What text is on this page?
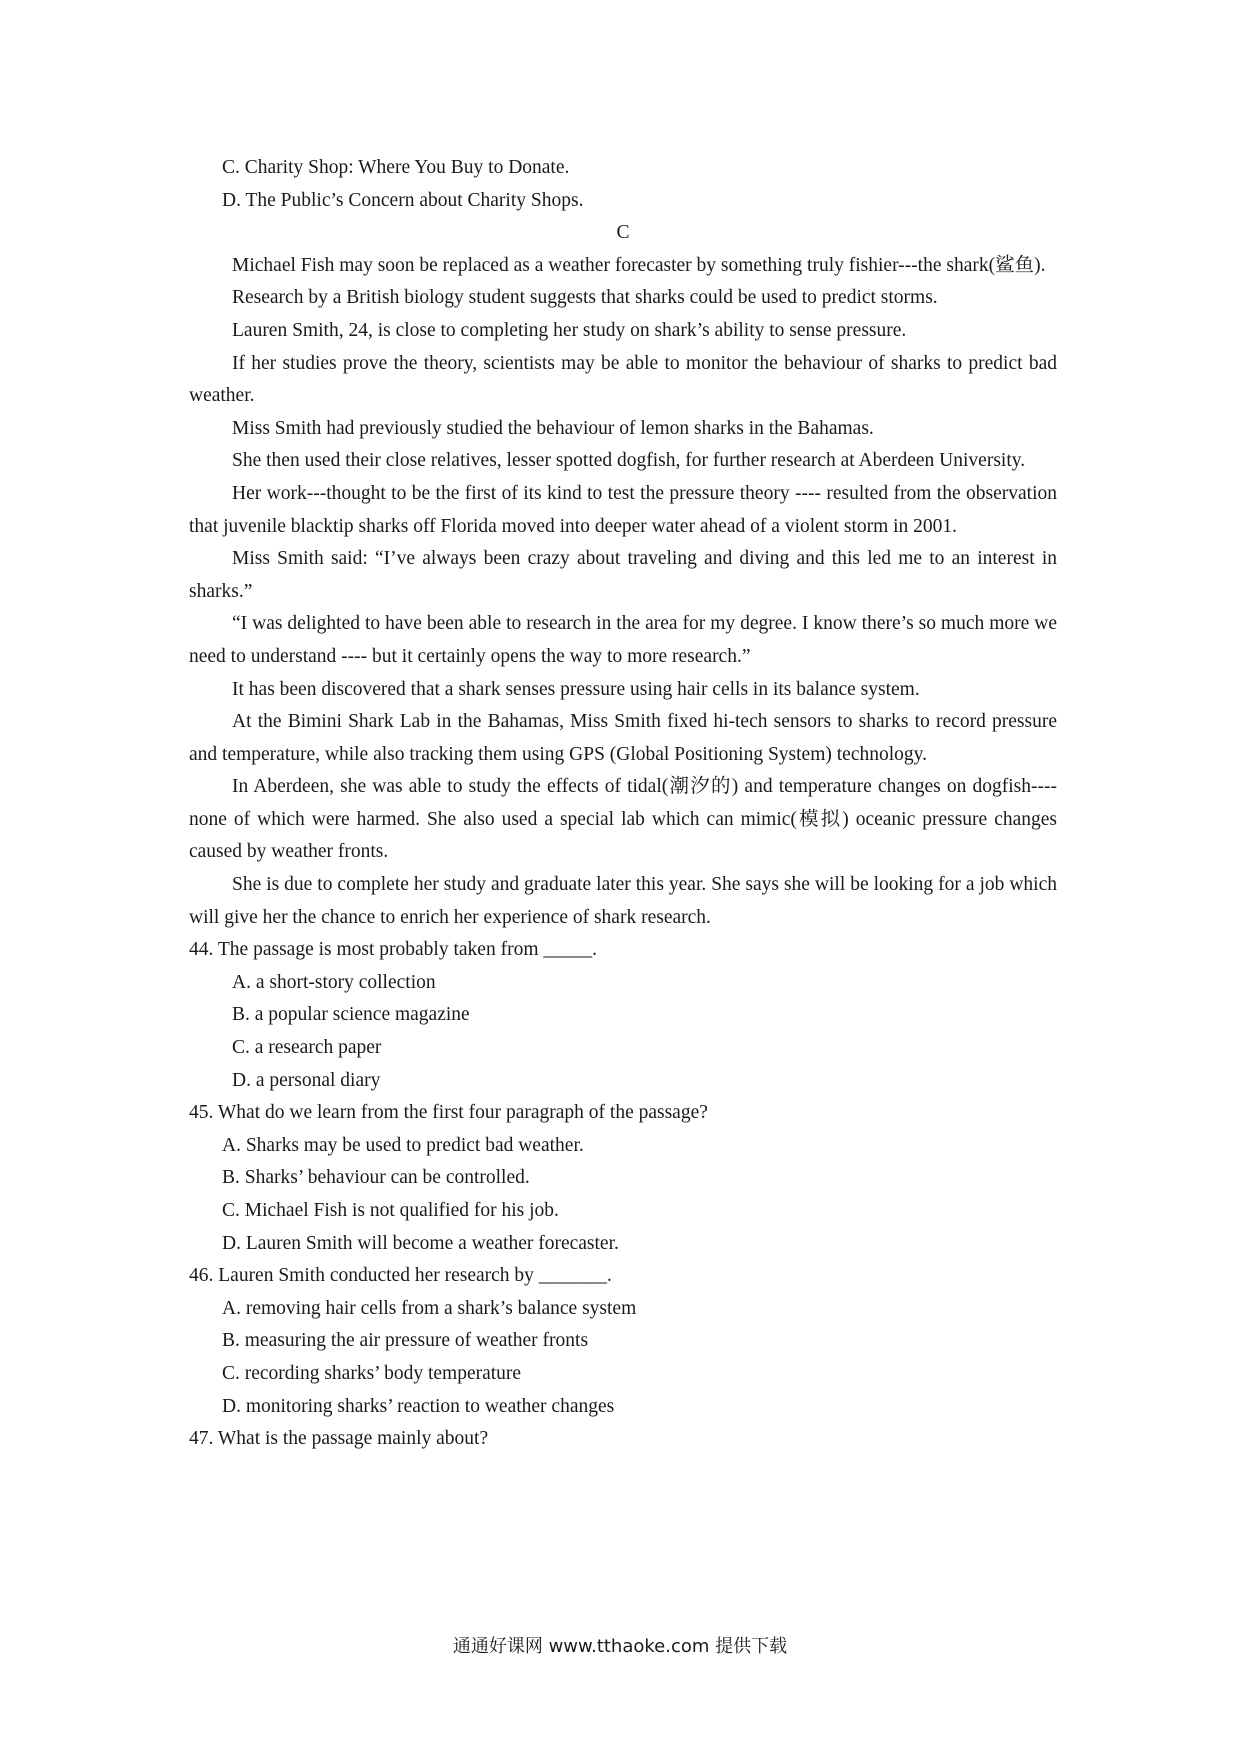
C. Charity Shop: Where You Buy to Donate.
D. The Public’s Concern about Charity Shops.
C

Michael Fish may soon be replaced as a weather forecaster by something truly fishier---the shark(鲨鱼).

Research by a British biology student suggests that sharks could be used to predict storms.

Lauren Smith, 24, is close to completing her study on shark’s ability to sense pressure.

If her studies prove the theory, scientists may be able to monitor the behaviour of sharks to predict bad weather.

Miss Smith had previously studied the behaviour of lemon sharks in the Bahamas.

She then used their close relatives, lesser spotted dogfish, for further research at Aberdeen University.

Her work---thought to be the first of its kind to test the pressure theory ---- resulted from the observation that juvenile blacktip sharks off Florida moved into deeper water ahead of a violent storm in 2001.

Miss Smith said: “I’ve always been crazy about traveling and diving and this led me to an interest in sharks.”

“I was delighted to have been able to research in the area for my degree. I know there’s so much more we need to understand ---- but it certainly opens the way to more research.”

It has been discovered that a shark senses pressure using hair cells in its balance system.

At the Bimini Shark Lab in the Bahamas, Miss Smith fixed hi-tech sensors to sharks to record pressure and temperature, while also tracking them using GPS (Global Positioning System) technology.

In Aberdeen, she was able to study the effects of tidal(潮汐的) and temperature changes on dogfish----none of which were harmed. She also used a special lab which can mimic(模拟) oceanic pressure changes caused by weather fronts.

She is due to complete her study and graduate later this year. She says she will be looking for a job which will give her the chance to enrich her experience of shark research.

44. The passage is most probably taken from _____.
A. a short-story collection
B. a popular science magazine
C. a research paper
D. a personal diary
45. What do we learn from the first four paragraph of the passage?
A. Sharks may be used to predict bad weather.
B. Sharks’ behaviour can be controlled.
C. Michael Fish is not qualified for his job.
D. Lauren Smith will become a weather forecaster.
46. Lauren Smith conducted her research by _______.
A. removing hair cells from a shark’s balance system
B. measuring the air pressure of weather fronts
C. recording sharks’ body temperature
D. monitoring sharks’ reaction to weather changes
47. What is the passage mainly about?
通通好课网 www.tthaoke.com 提供下载
